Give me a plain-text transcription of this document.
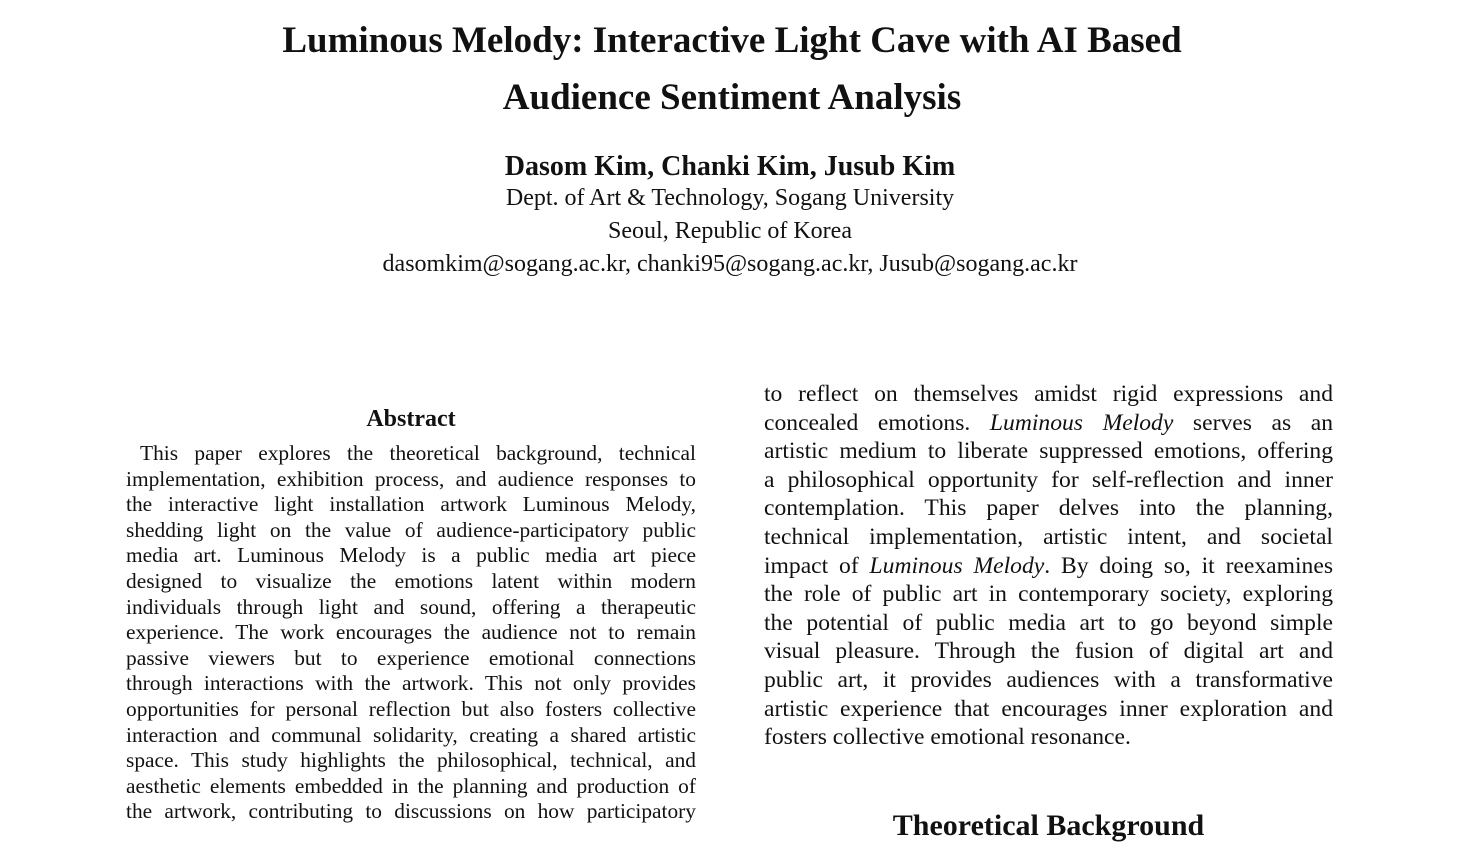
Luminous Melody: Interactive Light Cave with AI Based
Audience Sentiment Analysis
Dasom Kim, Chanki Kim, Jusub Kim
Dept. of Art & Technology, Sogang University
Seoul, Republic of Korea
dasomkim@sogang.ac.kr, chanki95@sogang.ac.kr, Jusub@sogang.ac.kr
Abstract
This paper explores the theoretical background, technical
implementation, exhibition process, and audience responses to
the interactive light installation artwork Luminous Melody,
shedding light on the value of audience-participatory public
media art. Luminous Melody is a public media art piece
designed to visualize the emotions latent within modern
individuals through light and sound, offering a therapeutic
experience. The work encourages the audience not to remain
passive viewers but to experience emotional connections
through interactions with the artwork. This not only provides
opportunities for personal reflection but also fosters collective
interaction and communal solidarity, creating a shared artistic
space. This study highlights the philosophical, technical, and
aesthetic elements embedded in the planning and production of
the artwork, contributing to discussions on how participatory
to reflect on themselves amidst rigid expressions and
concealed emotions. Luminous Melody serves as an
artistic medium to liberate suppressed emotions, offering
a philosophical opportunity for self-reflection and inner
contemplation. This paper delves into the planning,
technical implementation, artistic intent, and societal
impact of Luminous Melody. By doing so, it reexamines
the role of public art in contemporary society, exploring
the potential of public media art to go beyond simple
visual pleasure. Through the fusion of digital art and
public art, it provides audiences with a transformative
artistic experience that encourages inner exploration and
fosters collective emotional resonance.
Theoretical Background
